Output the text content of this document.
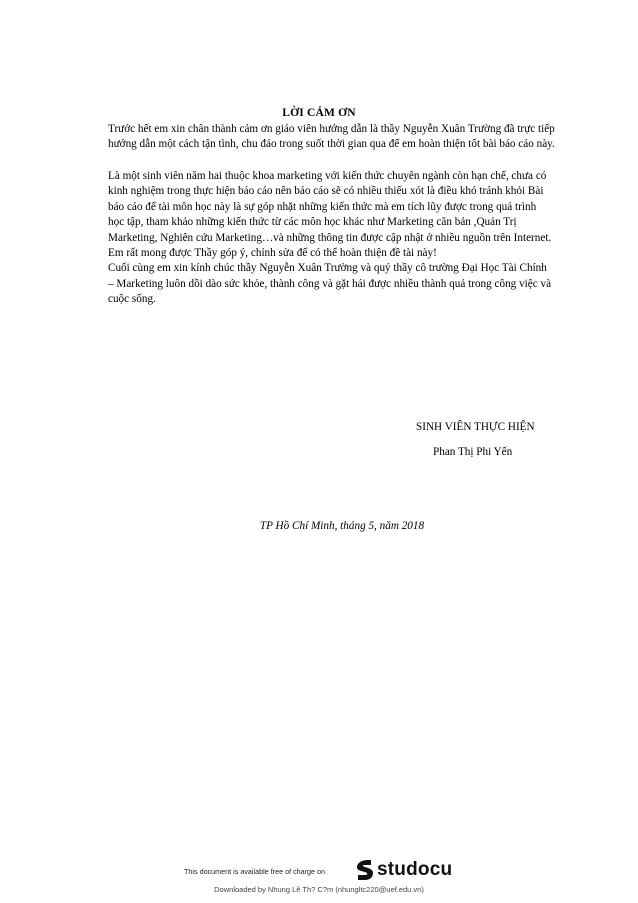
LỜI CẢM ƠN

Trước hết em xin chân thành cảm ơn giáo viên hướng dẫn là thầy Nguyễn Xuân Trường đã trực tiếp hướng dẫn một cách tận tình, chu đáo trong suốt thời gian qua để em hoàn thiện tốt bài báo cáo này.

Là một sinh viên năm hai thuộc khoa marketing với kiến thức chuyên ngành còn hạn chế, chưa có
kinh nghiệm trong thực hiện báo cáo nên báo cáo sẽ có nhiều thiếu xót là điều khó tránh khỏi Bài
báo cáo để tài môn học này là sự góp nhặt những kiến thức mà em tích lũy được trong quá trình
học tập, tham khảo những kiến thức từ các môn học khác như Marketing căn bản ,Quản Trị
Marketing, Nghiên cứu Marketing…và những thông tin được cập nhật ở nhiều nguồn trên Internet.
Em rất mong được Thầy góp ý, chỉnh sửa để có thể hoàn thiện đề tài này!
Cuối cùng em xin kính chúc thầy Nguyễn Xuân Trường và quý thầy cô trường Đại Học Tài Chính
– Marketing luôn dồi dào sức khỏe, thành công và gặt hái được nhiều thành quả trong công việc và
cuộc sống.
SINH VIÊN THỰC HIỆN
Phan Thị Phi Yến
TP Hồ Chí Minh, tháng 5, năm 2018
This document is available free of charge on	studocu
Downloaded by Nhung Lê Th? C?m (nhungltc220@uef.edu.vn)
